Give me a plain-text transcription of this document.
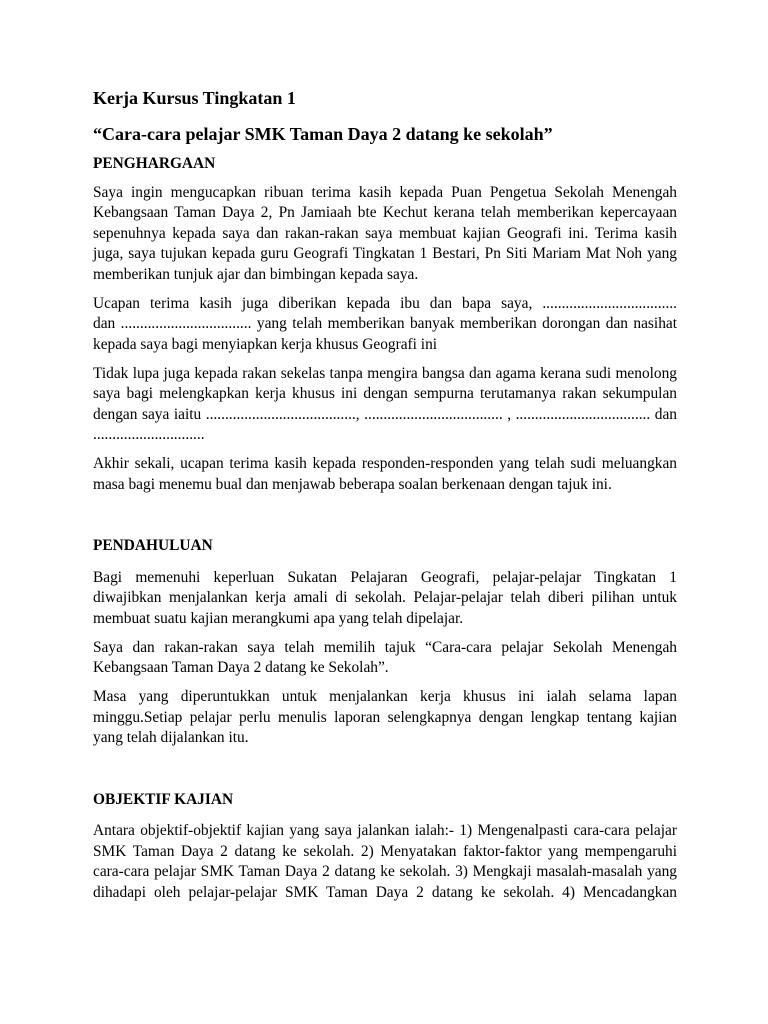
Kerja Kursus Tingkatan 1
“Cara-cara pelajar SMK Taman Daya 2 datang ke sekolah”
PENGHARGAAN
Saya ingin mengucapkan ribuan terima kasih kepada Puan Pengetua Sekolah Menengah
Kebangsaan Taman Daya 2, Pn Jamiaah bte Kechut kerana telah memberikan kepercayaan
sepenuhnya kepada saya dan rakan-rakan saya membuat kajian Geografi ini. Terima kasih
juga, saya tujukan kepada guru Geografi Tingkatan 1 Bestari, Pn Siti Mariam Mat Noh yang
memberikan tunjuk ajar dan bimbingan kepada saya.
Ucapan terima kasih juga diberikan kepada ibu dan bapa saya, ...................................
dan .................................. yang telah memberikan banyak memberikan dorongan dan nasihat
kepada saya bagi menyiapkan kerja khusus Geografi ini
Tidak lupa juga kepada rakan sekelas tanpa mengira bangsa dan agama kerana sudi menolong
saya bagi melengkapkan kerja khusus ini dengan sempurna terutamanya rakan sekumpulan
dengan saya iaitu ......................................., .................................... , ................................... dan
.............................
Akhir sekali, ucapan terima kasih kepada responden-responden yang telah sudi meluangkan
masa bagi menemu bual dan menjawab beberapa soalan berkenaan dengan tajuk ini.
PENDAHULUAN
Bagi memenuhi keperluan Sukatan Pelajaran Geografi, pelajar-pelajar Tingkatan 1
diwajibkan menjalankan kerja amali di sekolah. Pelajar-pelajar telah diberi pilihan untuk
membuat suatu kajian merangkumi apa yang telah dipelajar.
Saya dan rakan-rakan saya telah memilih tajuk “Cara-cara pelajar Sekolah Menengah
Kebangsaan Taman Daya 2 datang ke Sekolah”.
Masa yang diperuntukkan untuk menjalankan kerja khusus ini ialah selama lapan
minggu.Setiap pelajar perlu menulis laporan selengkapnya dengan lengkap tentang kajian
yang telah dijalankan itu.
OBJEKTIF KAJIAN
Antara objektif-objektif kajian yang saya jalankan ialah:- 1) Mengenalpasti cara-cara pelajar
SMK Taman Daya 2 datang ke sekolah. 2) Menyatakan faktor-faktor yang mempengaruhi
cara-cara pelajar SMK Taman Daya 2 datang ke sekolah. 3) Mengkaji masalah-masalah yang
dihadapi oleh pelajar-pelajar SMK Taman Daya 2 datang ke sekolah. 4) Mencadangkan
